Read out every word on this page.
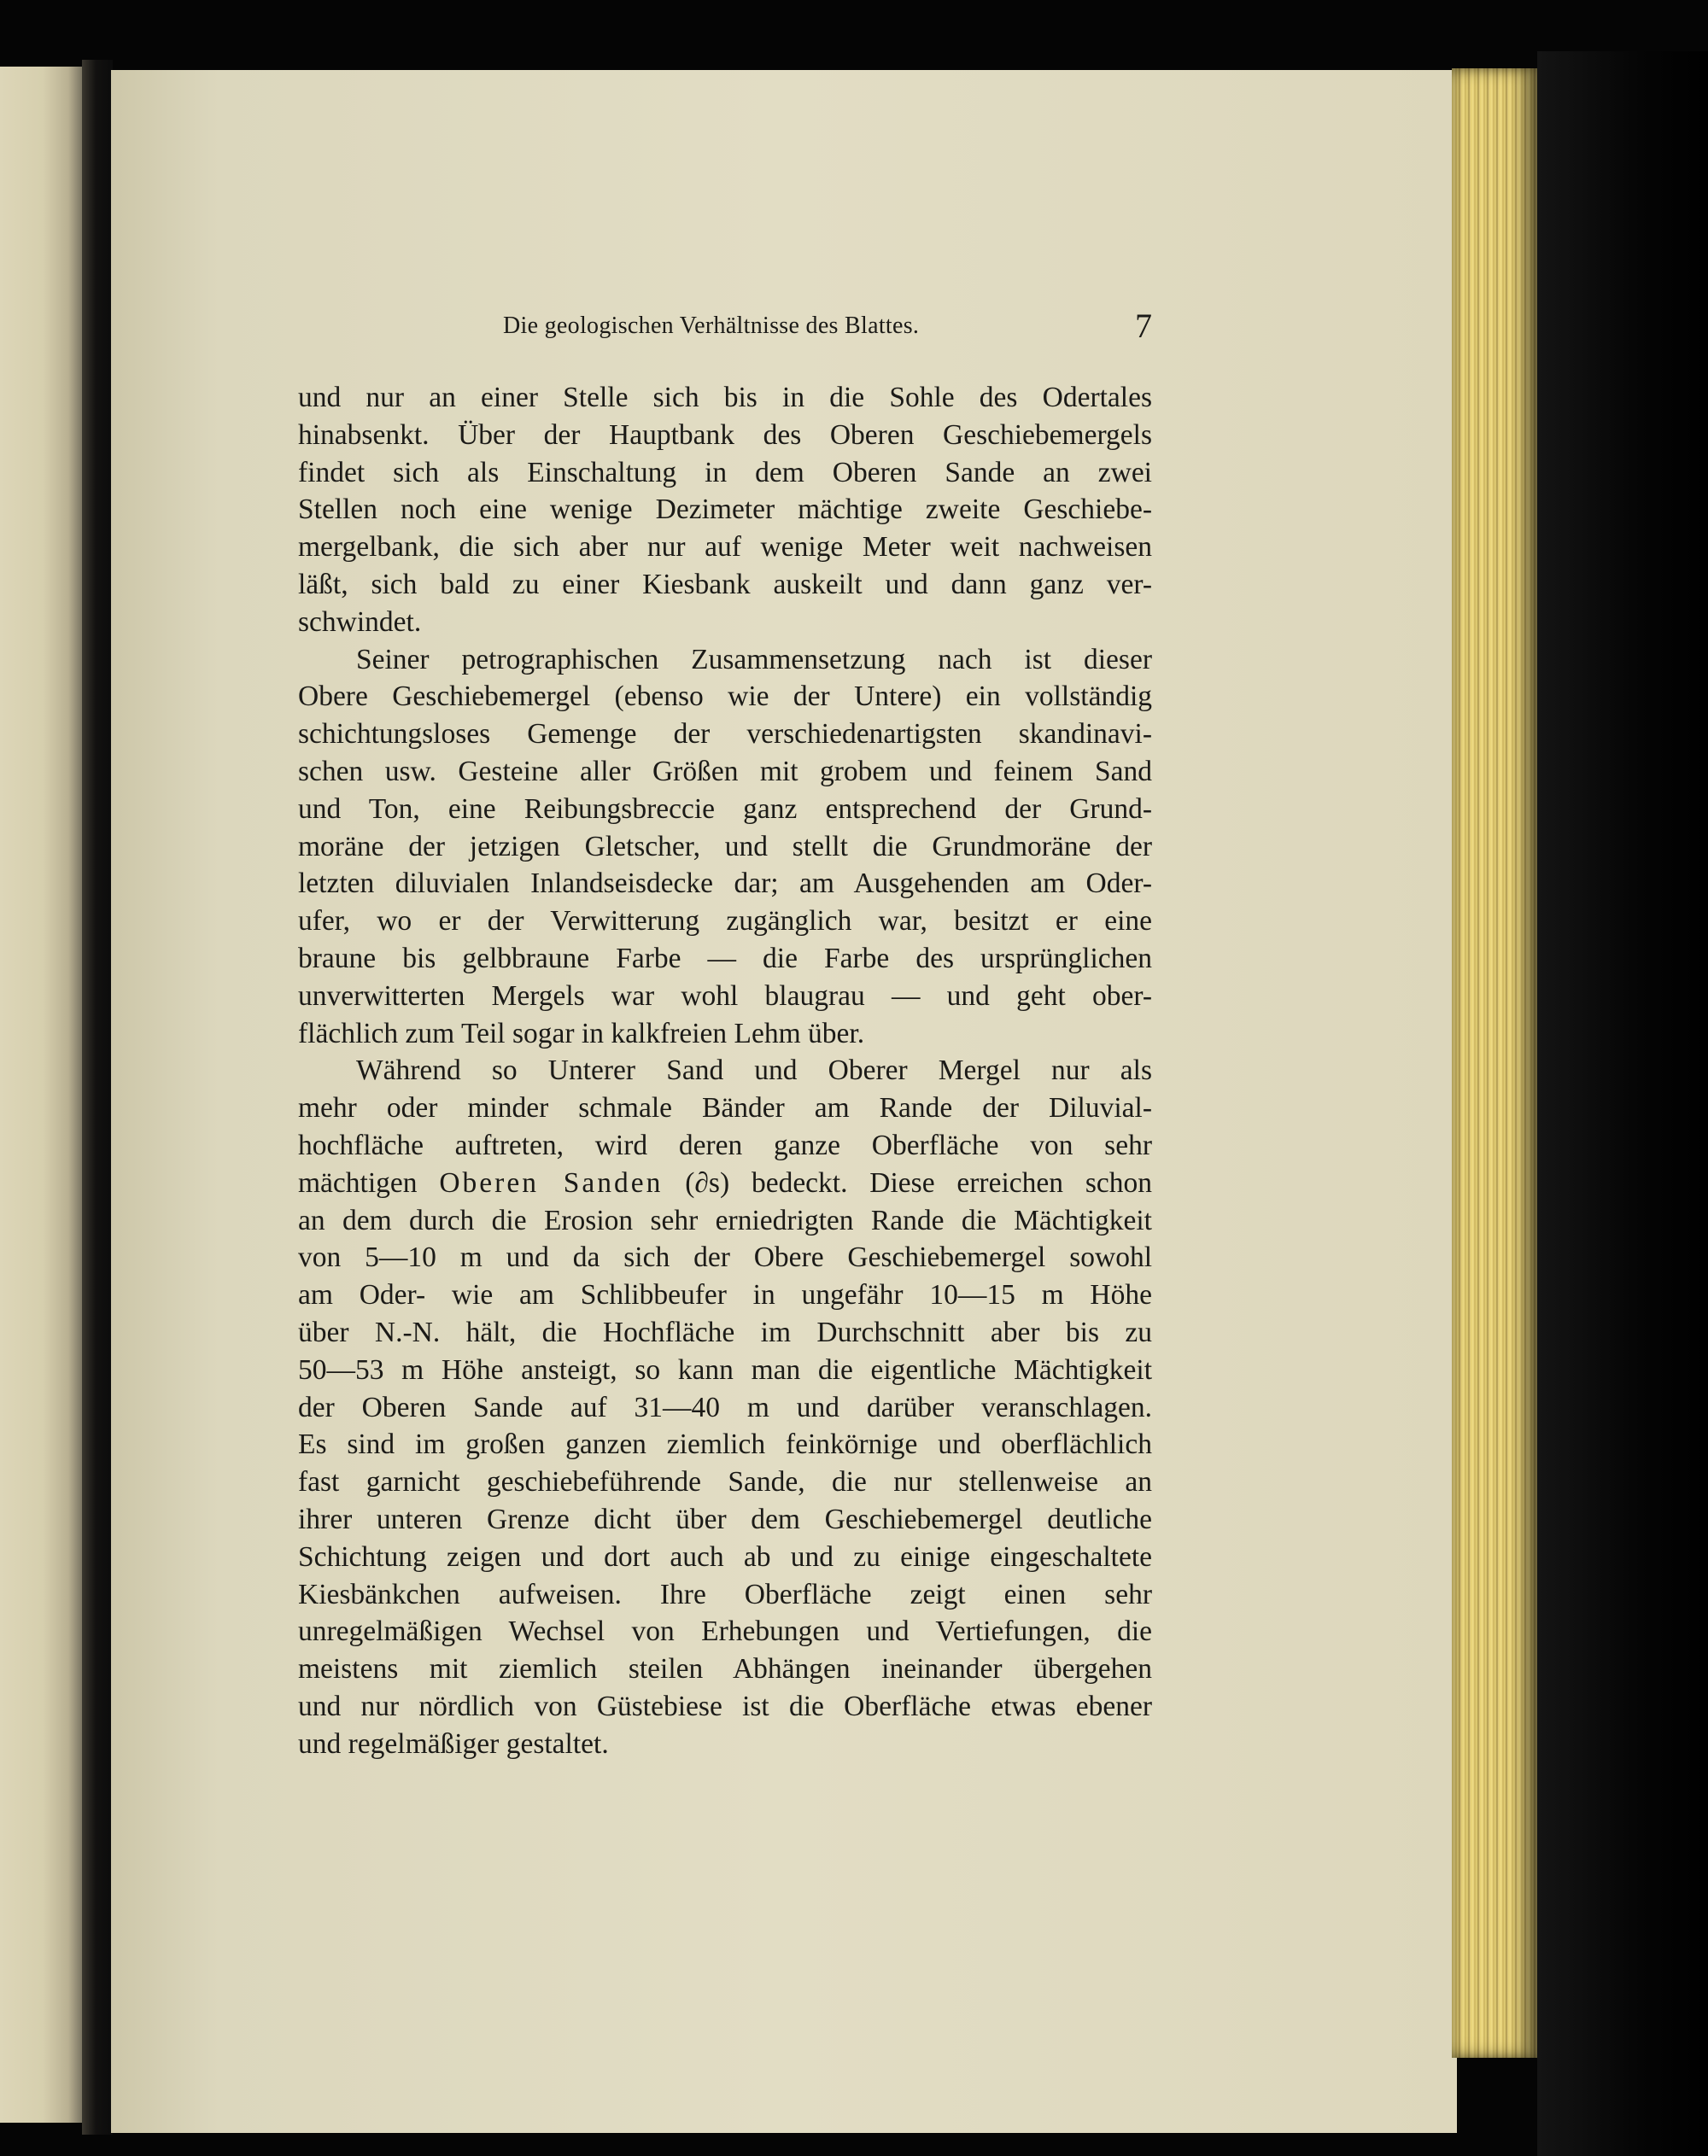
Die geologischen Verhältnisse des Blattes.	7

und nur an einer Stelle sich bis in die Sohle des Odertales
hinabsenkt. Über der Hauptbank des Oberen Geschiebemergels
findet sich als Einschaltung in dem Oberen Sande an zwei
Stellen noch eine wenige Dezimeter mächtige zweite Geschiebe-
mergelbank, die sich aber nur auf wenige Meter weit nachweisen
läßt, sich bald zu einer Kiesbank auskeilt und dann ganz ver-
schwindet.

Seiner petrographischen Zusammensetzung nach ist dieser
Obere Geschiebemergel (ebenso wie der Untere) ein vollständig
schichtungsloses Gemenge der verschiedenartigsten skandinavi-
schen usw. Gesteine aller Größen mit grobem und feinem Sand
und Ton, eine Reibungsbreccie ganz entsprechend der Grund-
moräne der jetzigen Gletscher, und stellt die Grundmoräne der
letzten diluvialen Inlandseisdecke dar; am Ausgehenden am Oder-
ufer, wo er der Verwitterung zugänglich war, besitzt er eine
braune bis gelbbraune Farbe — die Farbe des ursprünglichen
unverwitterten Mergels war wohl blaugrau — und geht ober-
flächlich zum Teil sogar in kalkfreien Lehm über.

Während so Unterer Sand und Oberer Mergel nur als
mehr oder minder schmale Bänder am Rande der Diluvial-
hochfläche auftreten, wird deren ganze Oberfläche von sehr
mächtigen Oberen Sanden (∂s) bedeckt. Diese erreichen schon
an dem durch die Erosion sehr erniedrigten Rande die Mächtigkeit
von 5—10 m und da sich der Obere Geschiebemergel sowohl
am Oder- wie am Schlibbeufer in ungefähr 10—15 m Höhe
über N.-N. hält, die Hochfläche im Durchschnitt aber bis zu
50—53 m Höhe ansteigt, so kann man die eigentliche Mächtigkeit
der Oberen Sande auf 31—40 m und darüber veranschlagen.
Es sind im großen ganzen ziemlich feinkörnige und oberflächlich
fast garnicht geschiebeführende Sande, die nur stellenweise an
ihrer unteren Grenze dicht über dem Geschiebemergel deutliche
Schichtung zeigen und dort auch ab und zu einige eingeschaltete
Kiesbänkchen aufweisen. Ihre Oberfläche zeigt einen sehr
unregelmäßigen Wechsel von Erhebungen und Vertiefungen, die
meistens mit ziemlich steilen Abhängen ineinander übergehen
und nur nördlich von Güstebiese ist die Oberfläche etwas ebener
und regelmäßiger gestaltet.
